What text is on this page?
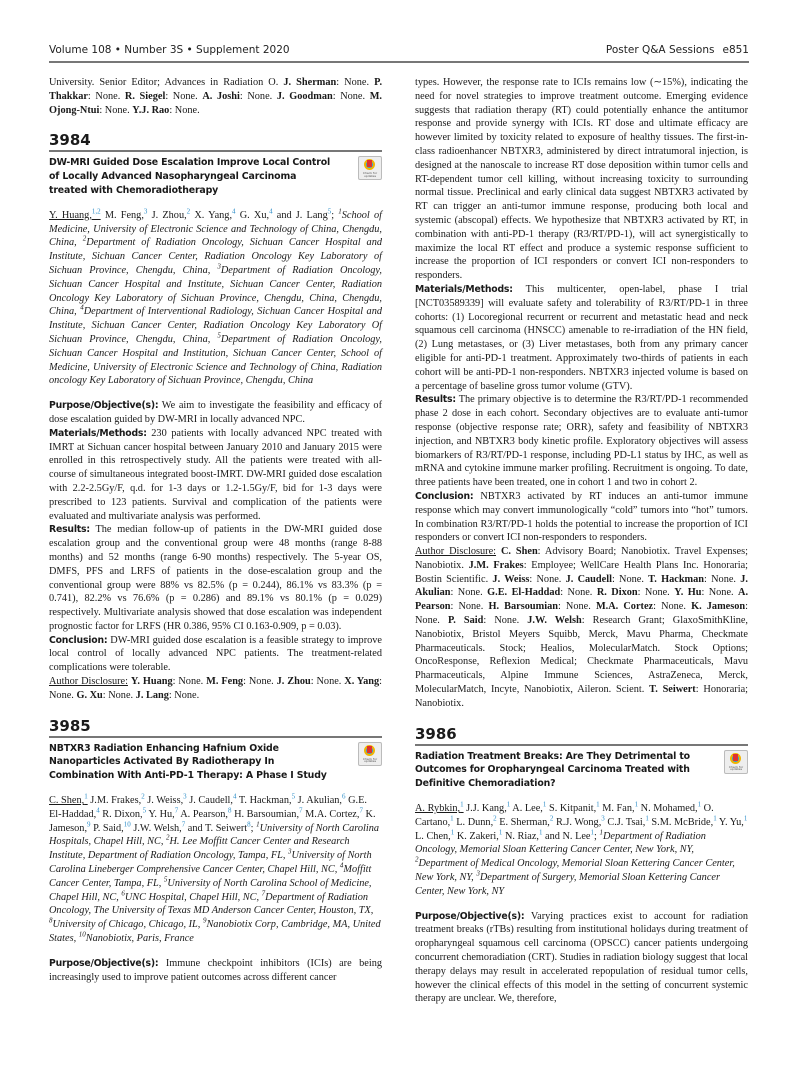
Volume 108 • Number 3S • Supplement 2020	Poster Q&A Sessions e851

University. Senior Editor; Advances in Radiation O. J. Sherman: None. P. Thakkar: None. R. Siegel: None. A. Joshi: None. J. Goodman: None. M. Ojong-Ntui: None. Y.J. Rao: None.

3984
DW-MRI Guided Dose Escalation Improve Local Control of Locally Advanced Nasopharyngeal Carcinoma treated with Chemoradiotherapy
Check for updates

Y. Huang,$^{1,2}$ M. Feng,$^3$ J. Zhou,$^2$ X. Yang,$^4$ G. Xu,$^4$ and J. Lang$^5$; $^1$School of Medicine, University of Electronic Science and Technology of China, Chengdu, China, $^2$Department of Radiation Oncology, Sichuan Cancer Hospital and Institute, Sichuan Cancer Center, Radiation Oncology Key Laboratory of Sichuan Province, Chengdu, China, $^3$Department of Radiation Oncology, Sichuan Cancer Hospital and Institute, Sichuan Cancer Center, Radiation Oncology Key Laboratory of Sichuan Province, Chengdu, China, Chengdu, China, $^4$Department of Interventional Radiology, Sichuan Cancer Hospital and Institute, Sichuan Cancer Center, Radiation Oncology Key Laboratory Of Sichuan Province, Chengdu, China, $^5$Department of Radiation Oncology, Sichuan Cancer Hospital and Institution, Sichuan Cancer Center, School of Medicine, University of Electronic Science and Technology of China, Radiation oncology Key Laboratory of Sichuan Province, Chengdu, China

Purpose/Objective(s): We aim to investigate the feasibility and efficacy of dose escalation guided by DW-MRI in locally advanced NPC.

Materials/Methods: 230 patients with locally advanced NPC treated with IMRT at Sichuan cancer hospital between January 2010 and January 2015 were enrolled in this retrospectively study. All the patients were treated with all-course of simultaneous integrated boost-IMRT. DW-MRI guided dose escalation with 2.2-2.5Gy/F, q.d. for 1-3 days or 1.2-1.5Gy/F, bid for 1-3 days were prescribed to 123 patients. Survival and complication of the patients were evaluated and multivariate analysis was performed.

Results: The median follow-up of patients in the DW-MRI guided dose escalation group and the conventional group were 48 months (range 8-88 months) and 52 months (range 6-90 months) respectively. The 5-year OS, DMFS, PFS and LRFS of patients in the dose-escalation group and the conventional group were 88% vs 82.5% (p = 0.244), 86.1% vs 83.3% (p = 0.741), 82.2% vs 76.6% (p = 0.286) and 89.1% vs 80.1% (p = 0.029) respectively. Multivariate analysis showed that dose escalation was independent prognostic factor for LRFS (HR 0.386, 95% CI 0.163-0.909, p = 0.03).

Conclusion: DW-MRI guided dose escalation is a feasible strategy to improve local control of locally advanced NPC patients. The treatment-related complications were tolerable.

Author Disclosure: Y. Huang: None. M. Feng: None. J. Zhou: None. X. Yang: None. G. Xu: None. J. Lang: None.

3985
NBTXR3 Radiation Enhancing Hafnium Oxide Nanoparticles Activated By Radiotherapy In Combination With Anti-PD-1 Therapy: A Phase I Study
Check for updates

C. Shen,$^1$ J.M. Frakes,$^2$ J. Weiss,$^3$ J. Caudell,$^4$ T. Hackman,$^5$ J. Akulian,$^6$ G.E. El-Haddad,$^4$ R. Dixon,$^5$ Y. Hu,$^7$ A. Pearson,$^8$ H. Barsoumian,$^7$ M.A. Cortez,$^7$ K. Jameson,$^9$ P. Said,$^{10}$ J.W. Welsh,$^7$ and T. Seiwert$^8$; $^1$University of North Carolina Hospitals, Chapel Hill, NC, $^2$H. Lee Moffitt Cancer Center and Research Institute, Department of Radiation Oncology, Tampa, FL, $^3$University of North Carolina Lineberger Comprehensive Cancer Center, Chapel Hill, NC, $^4$Moffitt Cancer Center, Tampa, FL, $^5$University of North Carolina School of Medicine, Chapel Hill, NC, $^6$UNC Hospital, Chapel Hill, NC, $^7$Department of Radiation Oncology, The University of Texas MD Anderson Cancer Center, Houston, TX, $^8$University of Chicago, Chicago, IL, $^9$Nanobiotix Corp, Cambridge, MA, United States, $^{10}$Nanobiotix, Paris, France

Purpose/Objective(s): Immune checkpoint inhibitors (ICIs) are being increasingly used to improve patient outcomes across different cancer

types. However, the response rate to ICIs remains low (∼15%), indicating the need for novel strategies to improve treatment outcome. Emerging evidence suggests that radiation therapy (RT) could potentially enhance the antitumor response and provide synergy with ICIs. RT dose and ultimate efficacy are however limited by toxicity related to exposure of healthy tissues. The first-in-class radioenhancer NBTXR3, administered by direct intratumoral injection, is designed at the nanoscale to increase RT dose deposition within tumor cells and RT-dependent tumor cell killing, without increasing toxicity to surrounding normal tissue. Preclinical and early clinical data suggest NBTXR3 activated by RT can trigger an anti-tumor immune response, producing both local and systemic (abscopal) effects. We hypothesize that NBTXR3 activated by RT, in combination with anti-PD-1 therapy (R3/RT/PD-1), will act synergistically to maximize the local RT effect and produce a systemic response sufficient to increase the proportion of ICI responders or convert ICI non-responders to responders.

Materials/Methods: This multicenter, open-label, phase I trial [NCT03589339] will evaluate safety and tolerability of R3/RT/PD-1 in three cohorts: (1) Locoregional recurrent or recurrent and metastatic head and neck squamous cell carcinoma (HNSCC) amenable to re-irradiation of the HN field, (2) Lung metastases, or (3) Liver metastases, both from any primary cancer eligible for anti-PD-1 treatment. Approximately two-thirds of patients in each cohort will be anti-PD-1 non-responders. NBTXR3 injected volume is based on a percentage of baseline gross tumor volume (GTV).

Results: The primary objective is to determine the R3/RT/PD-1 recommended phase 2 dose in each cohort. Secondary objectives are to evaluate anti-tumor response (objective response rate; ORR), safety and feasibility of NBTXR3 injection, and NBTXR3 body kinetic profile. Exploratory objectives will assess biomarkers of R3/RT/PD-1 response, including PD-L1 status by IHC, as well as mRNA and cytokine immune marker profiling. Recruitment is ongoing. To date, three patients have been treated, one in cohort 1 and two in cohort 2.

Conclusion: NBTXR3 activated by RT induces an anti-tumor immune response which may convert immunologically “cold” tumors into “hot” tumors. In combination R3/RT/PD-1 holds the potential to increase the proportion of ICI responders or convert ICI non-responders to responders.

Author Disclosure: C. Shen: Advisory Board; Nanobiotix. Travel Expenses; Nanobiotix. J.M. Frakes: Employee; WellCare Health Plans Inc. Honoraria; Bostin Scientific. J. Weiss: None. J. Caudell: None. T. Hackman: None. J. Akulian: None. G.E. El-Haddad: None. R. Dixon: None. Y. Hu: None. A. Pearson: None. H. Barsoumian: None. M.A. Cortez: None. K. Jameson: None. P. Said: None. J.W. Welsh: Research Grant; GlaxoSmithKline, Nanobiotix, Bristol Meyers Squibb, Merck, Mavu Pharma, Checkmate Pharmaceuticals. Stock; Healios, MolecularMatch. Stock Options; OncoResponse, Reflexion Medical; Checkmate Pharmaceuticals, Mavu Pharmaceuticals, Alpine Immune Sciences, AstraZeneca, Merck, MolecularMatch, Incyte, Nanobiotix, Aileron. Scient. T. Seiwert: Honoraria; Nanobiotix.

3986
Radiation Treatment Breaks: Are They Detrimental to Outcomes for Oropharyngeal Carcinoma Treated with Definitive Chemoradiation?
Check for updates

A. Rybkin,$^1$ J.J. Kang,$^1$ A. Lee,$^1$ S. Kitpanit,$^1$ M. Fan,$^1$ N. Mohamed,$^1$ O. Cartano,$^1$ L. Dunn,$^2$ E. Sherman,$^2$ R.J. Wong,$^3$ C.J. Tsai,$^1$ S.M. McBride,$^1$ Y. Yu,$^1$ L. Chen,$^1$ K. Zakeri,$^1$ N. Riaz,$^1$ and N. Lee$^1$; $^1$Department of Radiation Oncology, Memorial Sloan Kettering Cancer Center, New York, NY, $^2$Department of Medical Oncology, Memorial Sloan Kettering Cancer Center, New York, NY, $^3$Department of Surgery, Memorial Sloan Kettering Cancer Center, New York, NY

Purpose/Objective(s): Varying practices exist to account for radiation treatment breaks (rTBs) resulting from institutional holidays during treatment of oropharyngeal squamous cell carcinoma (OPSCC) cancer patients undergoing concurrent chemoradiation (CRT). Studies in radiation biology suggest that local therapy delays may result in accelerated repopulation of residual tumor cells, however the clinical effects of this model in the setting of concurrent systemic therapy are unclear. We, therefore,
